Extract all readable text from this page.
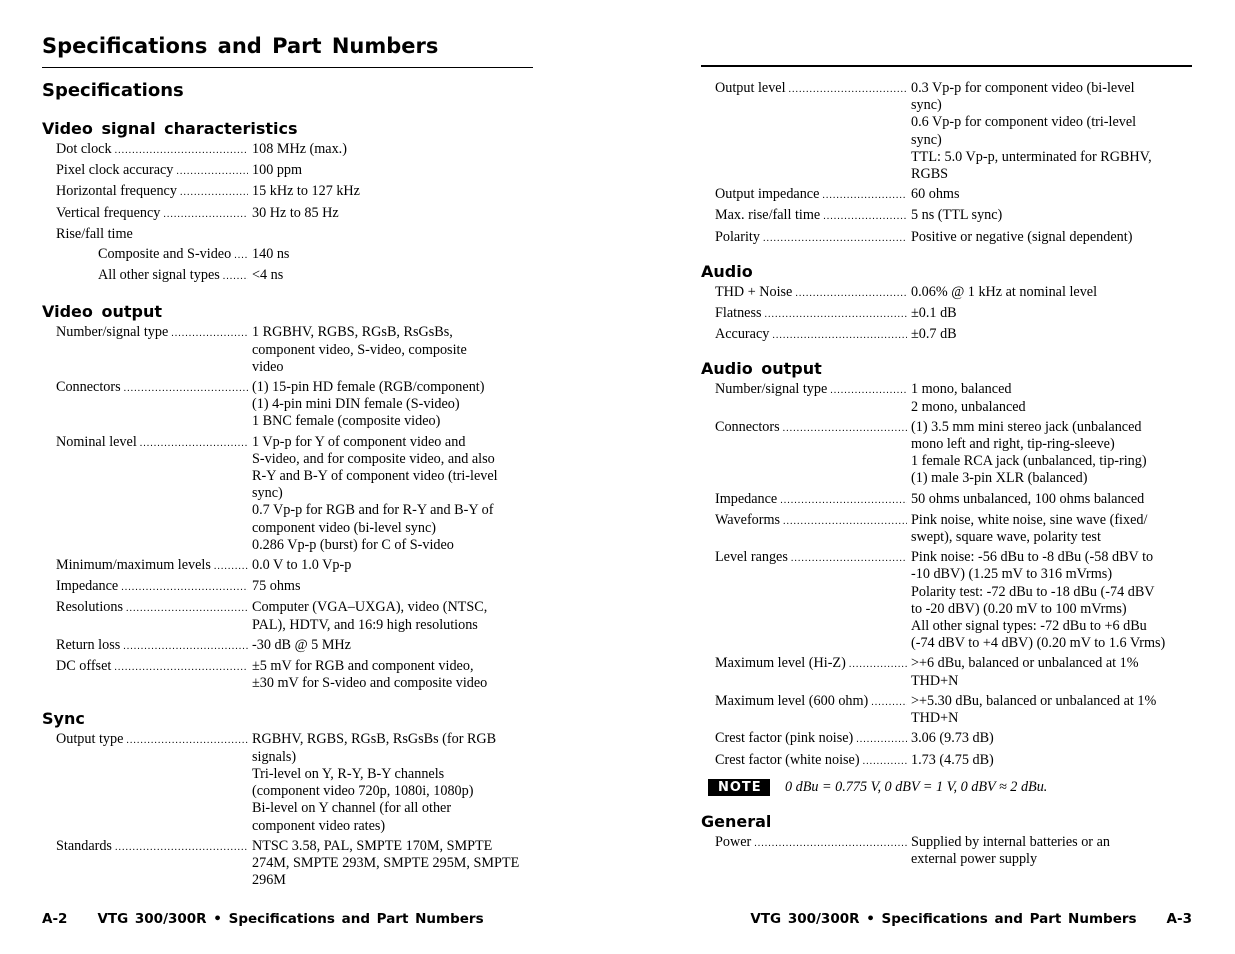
Specifications and Part Numbers
Specifications
Video signal characteristics
Dot clock .....	108 MHz (max.)
Pixel clock accuracy .....	100 ppm
Horizontal frequency .....	15 kHz to 127 kHz
Vertical frequency .....	30 Hz to 85 Hz
Rise/fall time
Composite and S-video ..... 140 ns
All other signal types ..... <4 ns
Video output
Number/signal type .....	1 RGBHV, RGBS, RGsB, RsGsBs,
component video, S-video, composite
video
Connectors .....	(1) 15-pin HD female (RGB/component)
(1) 4-pin mini DIN female (S-video)
1 BNC female (composite video)
Nominal level .....	1 Vp-p for Y of component video and
S-video, and for composite video, and also
R-Y and B-Y of component video (tri-level
sync)
0.7 Vp-p for RGB and for R-Y and B-Y of
component video (bi-level sync)
0.286 Vp-p (burst) for C of S-video
Minimum/maximum levels .....	0.0 V to 1.0 Vp-p
Impedance .....	75 ohms
Resolutions .....	Computer (VGA–UXGA), video (NTSC,
PAL), HDTV, and 16:9 high resolutions
Return loss .....	-30 dB @ 5 MHz
DC offset .....	±5 mV for RGB and component video,
±30 mV for S-video and composite video
Sync
Output type .....	RGBHV, RGBS, RGsB, RsGsBs (for RGB
signals)
Tri-level on Y, R-Y, B-Y channels
(component video 720p, 1080i, 1080p)
Bi-level on Y channel (for all other
component video rates)
Standards .....	NTSC 3.58, PAL, SMPTE 170M, SMPTE
274M, SMPTE 293M, SMPTE 295M, SMPTE
296M
Output level .....	0.3 Vp-p for component video (bi-level
sync)
0.6 Vp-p for component video (tri-level
sync)
TTL: 5.0 Vp-p, unterminated for RGBHV,
RGBS
Output impedance .....	60 ohms
Max. rise/fall time .....	5 ns (TTL sync)
Polarity .....	Positive or negative (signal dependent)
Audio
THD + Noise .....	0.06% @ 1 kHz at nominal level
Flatness .....	±0.1 dB
Accuracy .....	±0.7 dB
Audio output
Number/signal type .....	1 mono, balanced
2 mono, unbalanced
Connectors .....	(1) 3.5 mm mini stereo jack (unbalanced
mono left and right, tip-ring-sleeve)
1 female RCA jack (unbalanced, tip-ring)
(1) male 3-pin XLR (balanced)
Impedance .....	50 ohms unbalanced, 100 ohms balanced
Waveforms .....	Pink noise, white noise, sine wave (fixed/
swept), square wave, polarity test
Level ranges .....	Pink noise: -56 dBu to -8 dBu (-58 dBV to
-10 dBV) (1.25 mV to 316 mVrms)
Polarity test: -72 dBu to -18 dBu (-74 dBV
to -20 dBV) (0.20 mV to 100 mVrms)
All other signal types: -72 dBu to +6 dBu
(-74 dBV to +4 dBV) (0.20 mV to 1.6 Vrms)
Maximum level (Hi-Z) .....	>+6 dBu, balanced or unbalanced at 1%
THD+N
Maximum level (600 ohm) .....	>+5.30 dBu, balanced or unbalanced at 1%
THD+N
Crest factor (pink noise) .....	3.06 (9.73 dB)
Crest factor (white noise) .....	1.73 (4.75 dB)
NOTE	0 dBu = 0.775 V, 0 dBV = 1 V, 0 dBV ≈ 2 dBu.
General
Power .....	Supplied by internal batteries or an
external power supply
A-2 VTG 300/300R • Specifications and Part Numbers	VTG 300/300R • Specifications and Part Numbers A-3
